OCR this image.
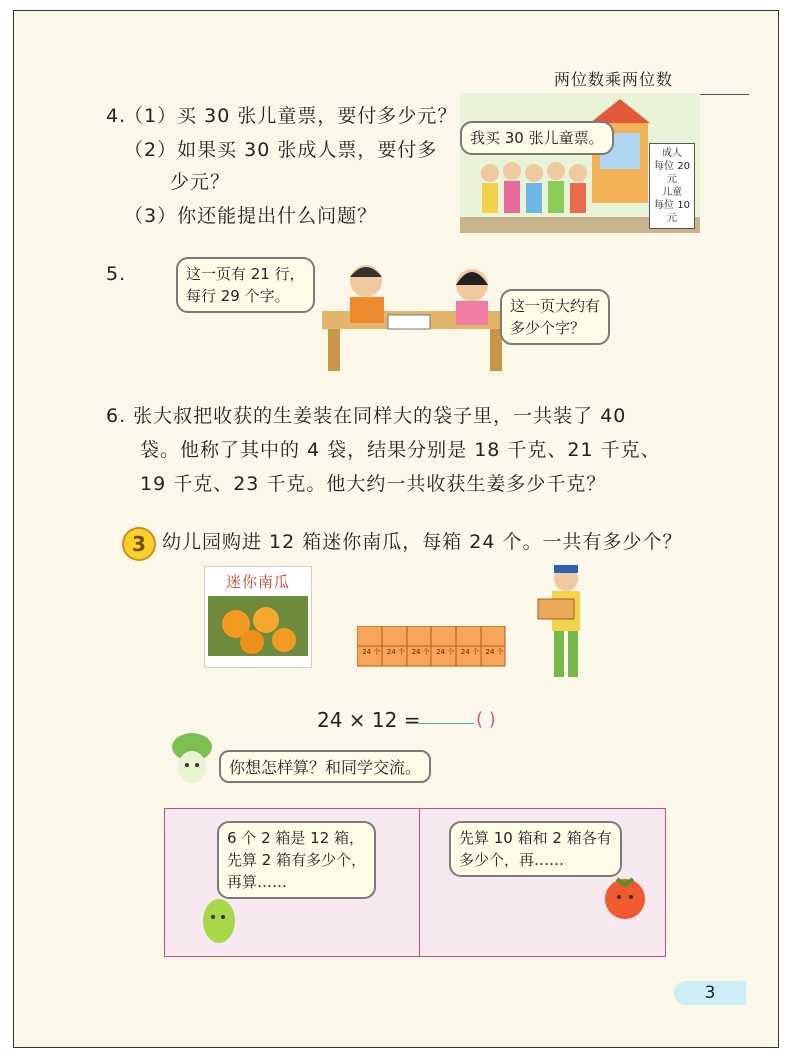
两位数乘两位数
4.
（1）买 30 张儿童票，要付多少元？
（2）如果买 30 张成人票，要付多
少元？
（3）你还能提出什么问题？
我买 30 张儿童票。
成人
每位 20 元
儿童
每位 10 元
5.	这一页有 21 行，
每行 29 个字。
这一页大约有
多少个字？
6. 张大叔把收获的生姜装在同样大的袋子里，一共装了 40
袋。他称了其中的 4 袋，结果分别是 18 千克、21 千克、
19 千克、23 千克。他大约一共收获生姜多少千克？
3 幼儿园购进 12 箱迷你南瓜，每箱 24 个。一共有多少个？
迷你南瓜
24 个 24 个 24 个 24 个 24 个 24 个
24 × 12 =	( )
你想怎样算？和同学交流。
6 个 2 箱是 12 箱，
先算 2 箱有多少个，
再算……
先算 10 箱和 2 箱各有
多少个，再……
3
